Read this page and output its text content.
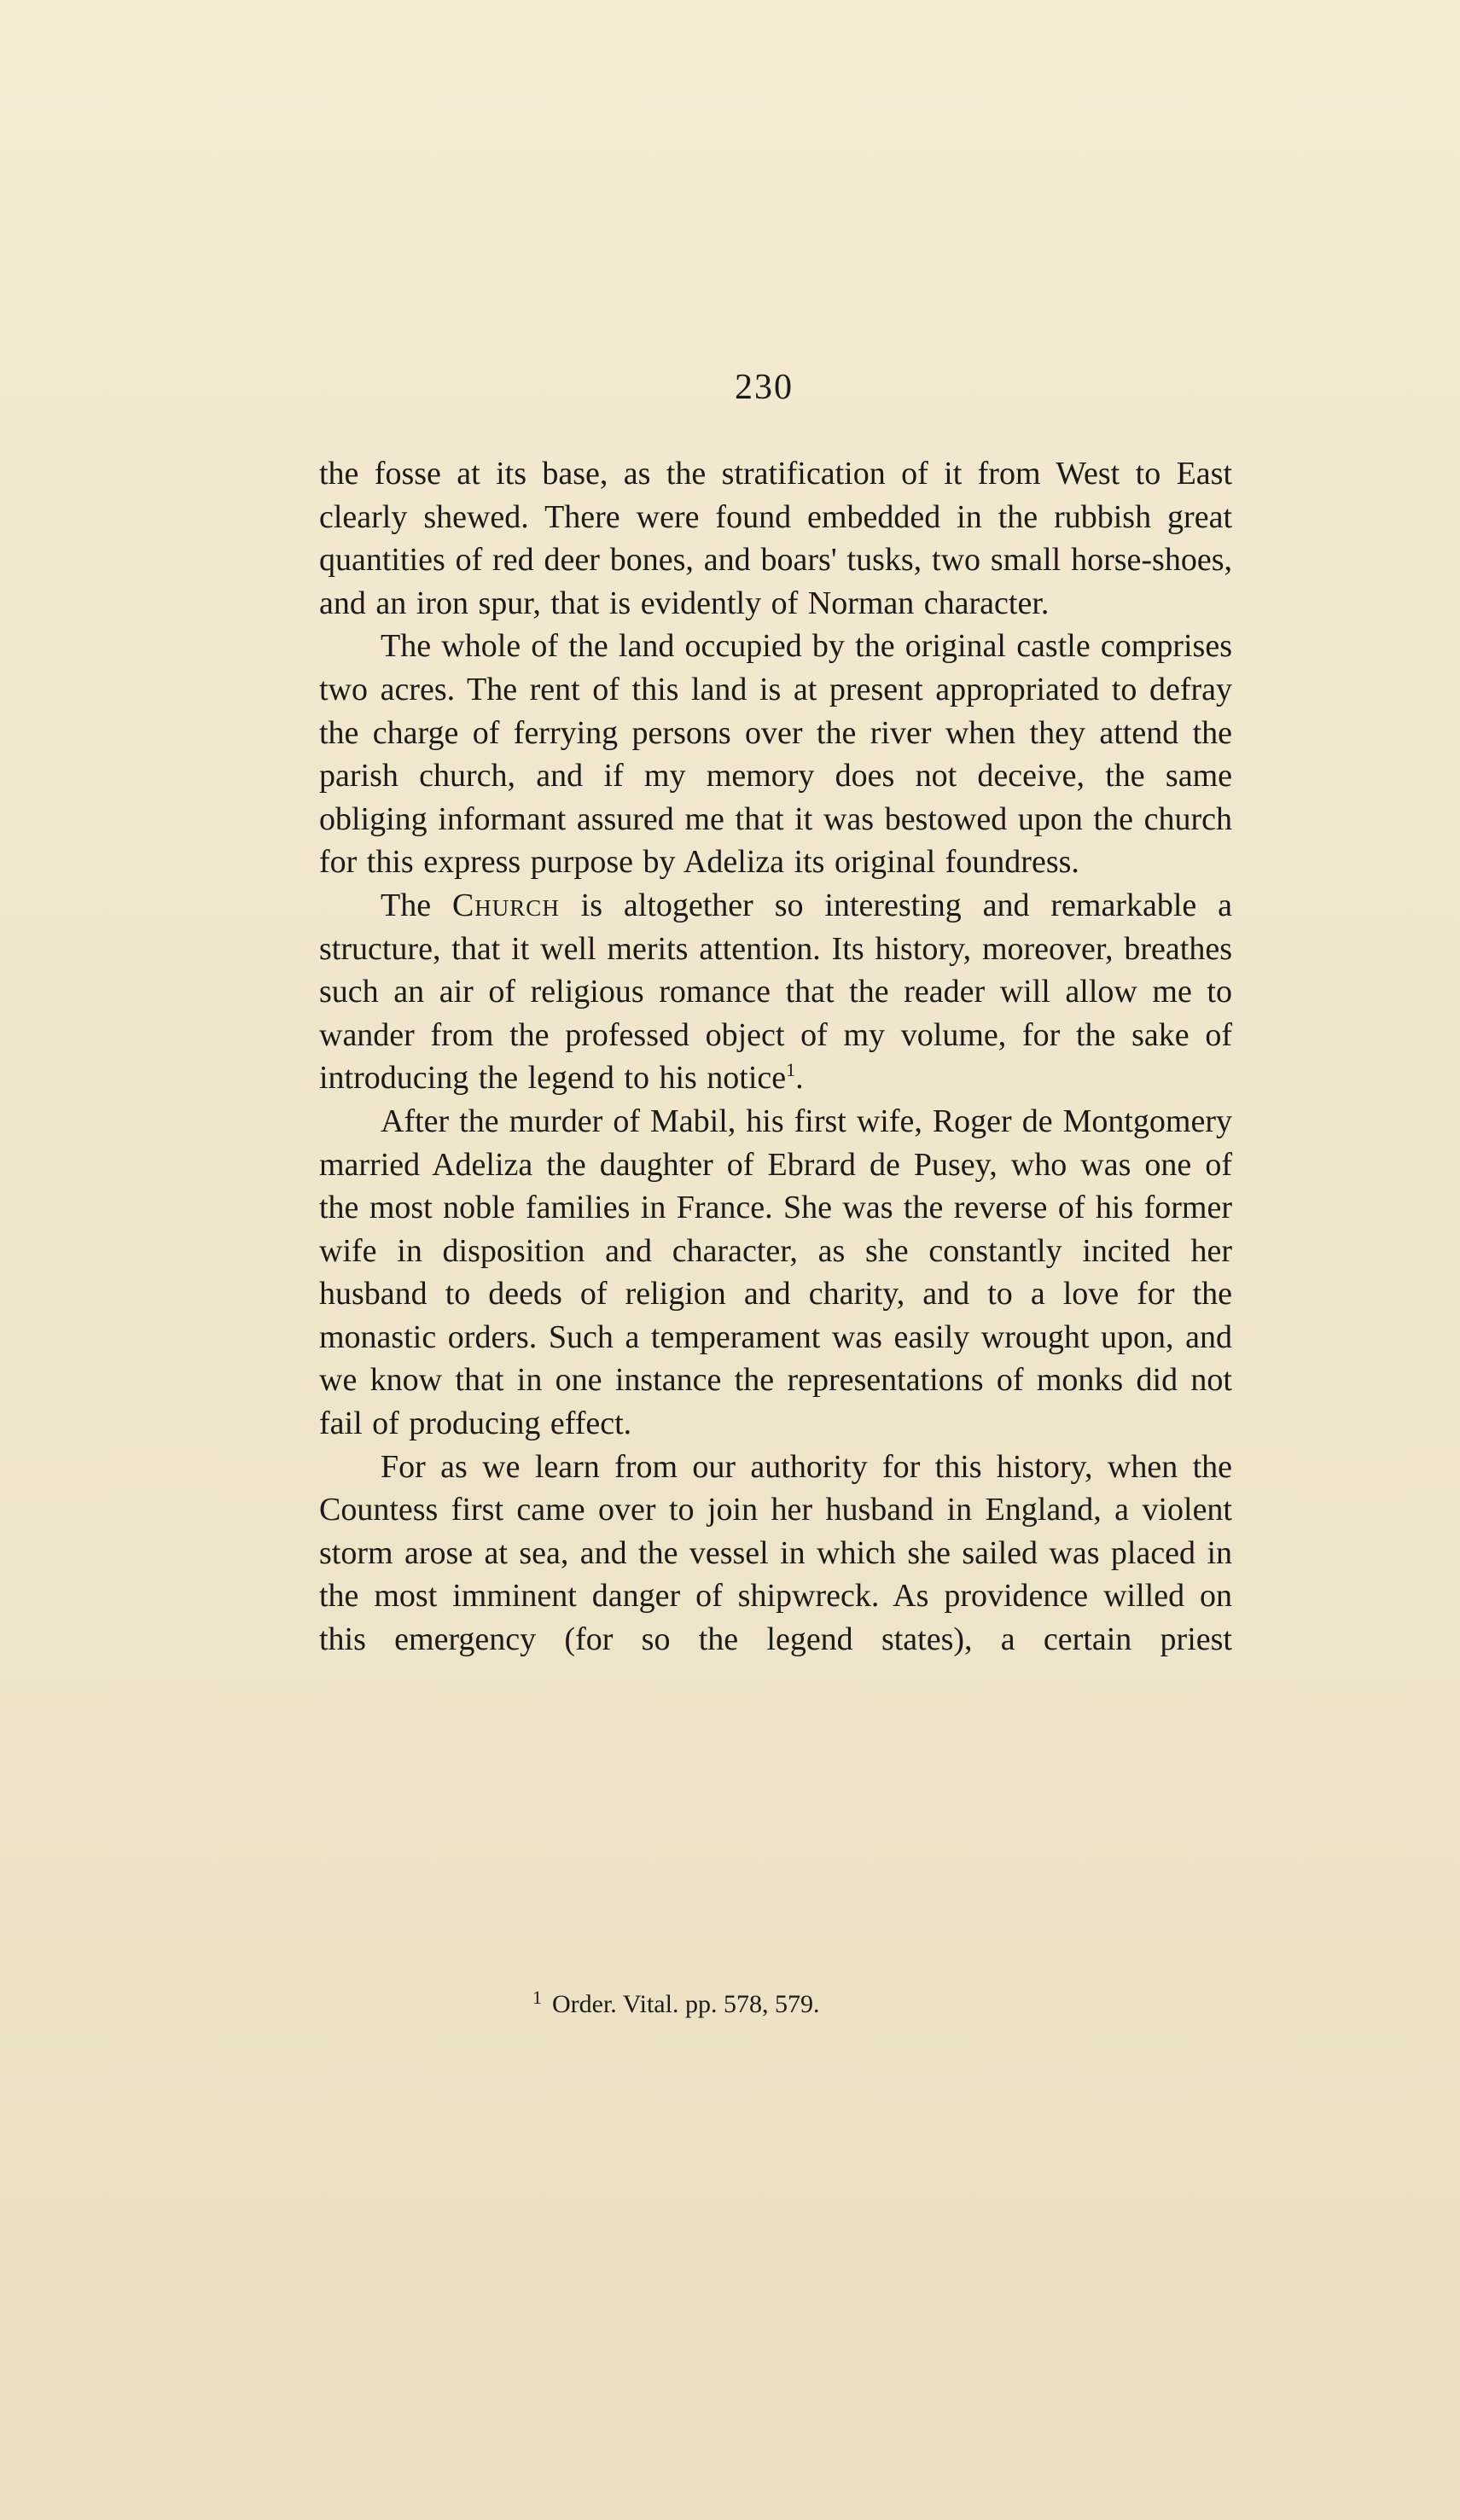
230

the fosse at its base, as the stratification of it from West to East clearly shewed. There were found embedded in the rubbish great quantities of red deer bones, and boars' tusks, two small horse-shoes, and an iron spur, that is evidently of Norman character.

The whole of the land occupied by the original castle comprises two acres. The rent of this land is at present appropriated to defray the charge of ferrying persons over the river when they attend the parish church, and if my memory does not deceive, the same obliging informant assured me that it was bestowed upon the church for this express purpose by Adeliza its original foundress.

The Church is altogether so interesting and remarkable a structure, that it well merits attention. Its history, moreover, breathes such an air of religious romance that the reader will allow me to wander from the professed object of my volume, for the sake of introducing the legend to his notice$^1$.

After the murder of Mabil, his first wife, Roger de Montgomery married Adeliza the daughter of Ebrard de Pusey, who was one of the most noble families in France. She was the reverse of his former wife in disposition and character, as she constantly incited her husband to deeds of religion and charity, and to a love for the monastic orders. Such a temperament was easily wrought upon, and we know that in one instance the representations of monks did not fail of producing effect.

For as we learn from our authority for this history, when the Countess first came over to join her husband in England, a violent storm arose at sea, and the vessel in which she sailed was placed in the most imminent danger of shipwreck. As providence willed on this emergency (for so the legend states), a certain priest

$^1$ Order. Vital. pp. 578, 579.
